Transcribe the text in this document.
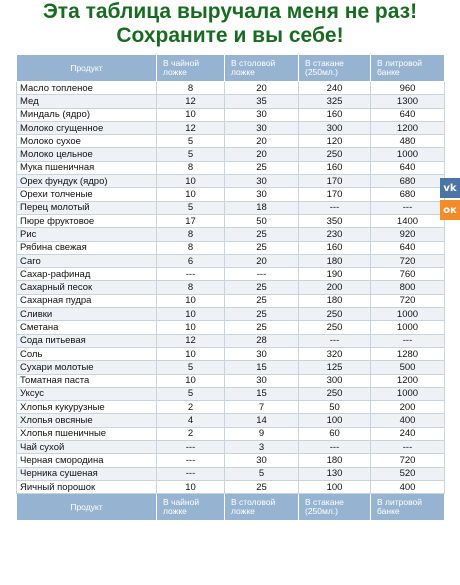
Эта таблица выручала меня не раз!
Сохраните и вы себе!
Продукт	В чайной ложке	В столовой ложке	В стакане (250мл.)	В литровой банке
Масло топленое	8	20	240	960
Мед	12	35	325	1300
Миндаль (ядро)	10	30	160	640
Молоко сгущенное	12	30	300	1200
Молоко сухое	5	20	120	480
Молоко цельное	5	20	250	1000
Мука пшеничная	8	25	160	640
Орех фундук (ядро)	10	30	170	680
Орехи толченые	10	30	170	680
Перец молотый	5	18	---	---
Пюре фруктовое	17	50	350	1400
Рис	8	25	230	920
Рябина свежая	8	25	160	640
Саго	6	20	180	720
Сахар-рафинад	---	---	190	760
Сахарный песок	8	25	200	800
Сахарная пудра	10	25	180	720
Сливки	10	25	250	1000
Сметана	10	25	250	1000
Сода питьевая	12	28	---	---
Соль	10	30	320	1280
Сухари молотые	5	15	125	500
Томатная паста	10	30	300	1200
Уксус	5	15	250	1000
Хлопья кукурузные	2	7	50	200
Хлопья овсяные	4	14	100	400
Хлопья пшеничные	2	9	60	240
Чай сухой	---	3	---	---
Черная смородина	---	30	180	720
Черника сушеная	---	5	130	520
Яичный порошок	10	25	100	400
Продукт	В чайной ложке	В столовой ложке	В стакане (250мл.)	В литровой банке
vk
ок
